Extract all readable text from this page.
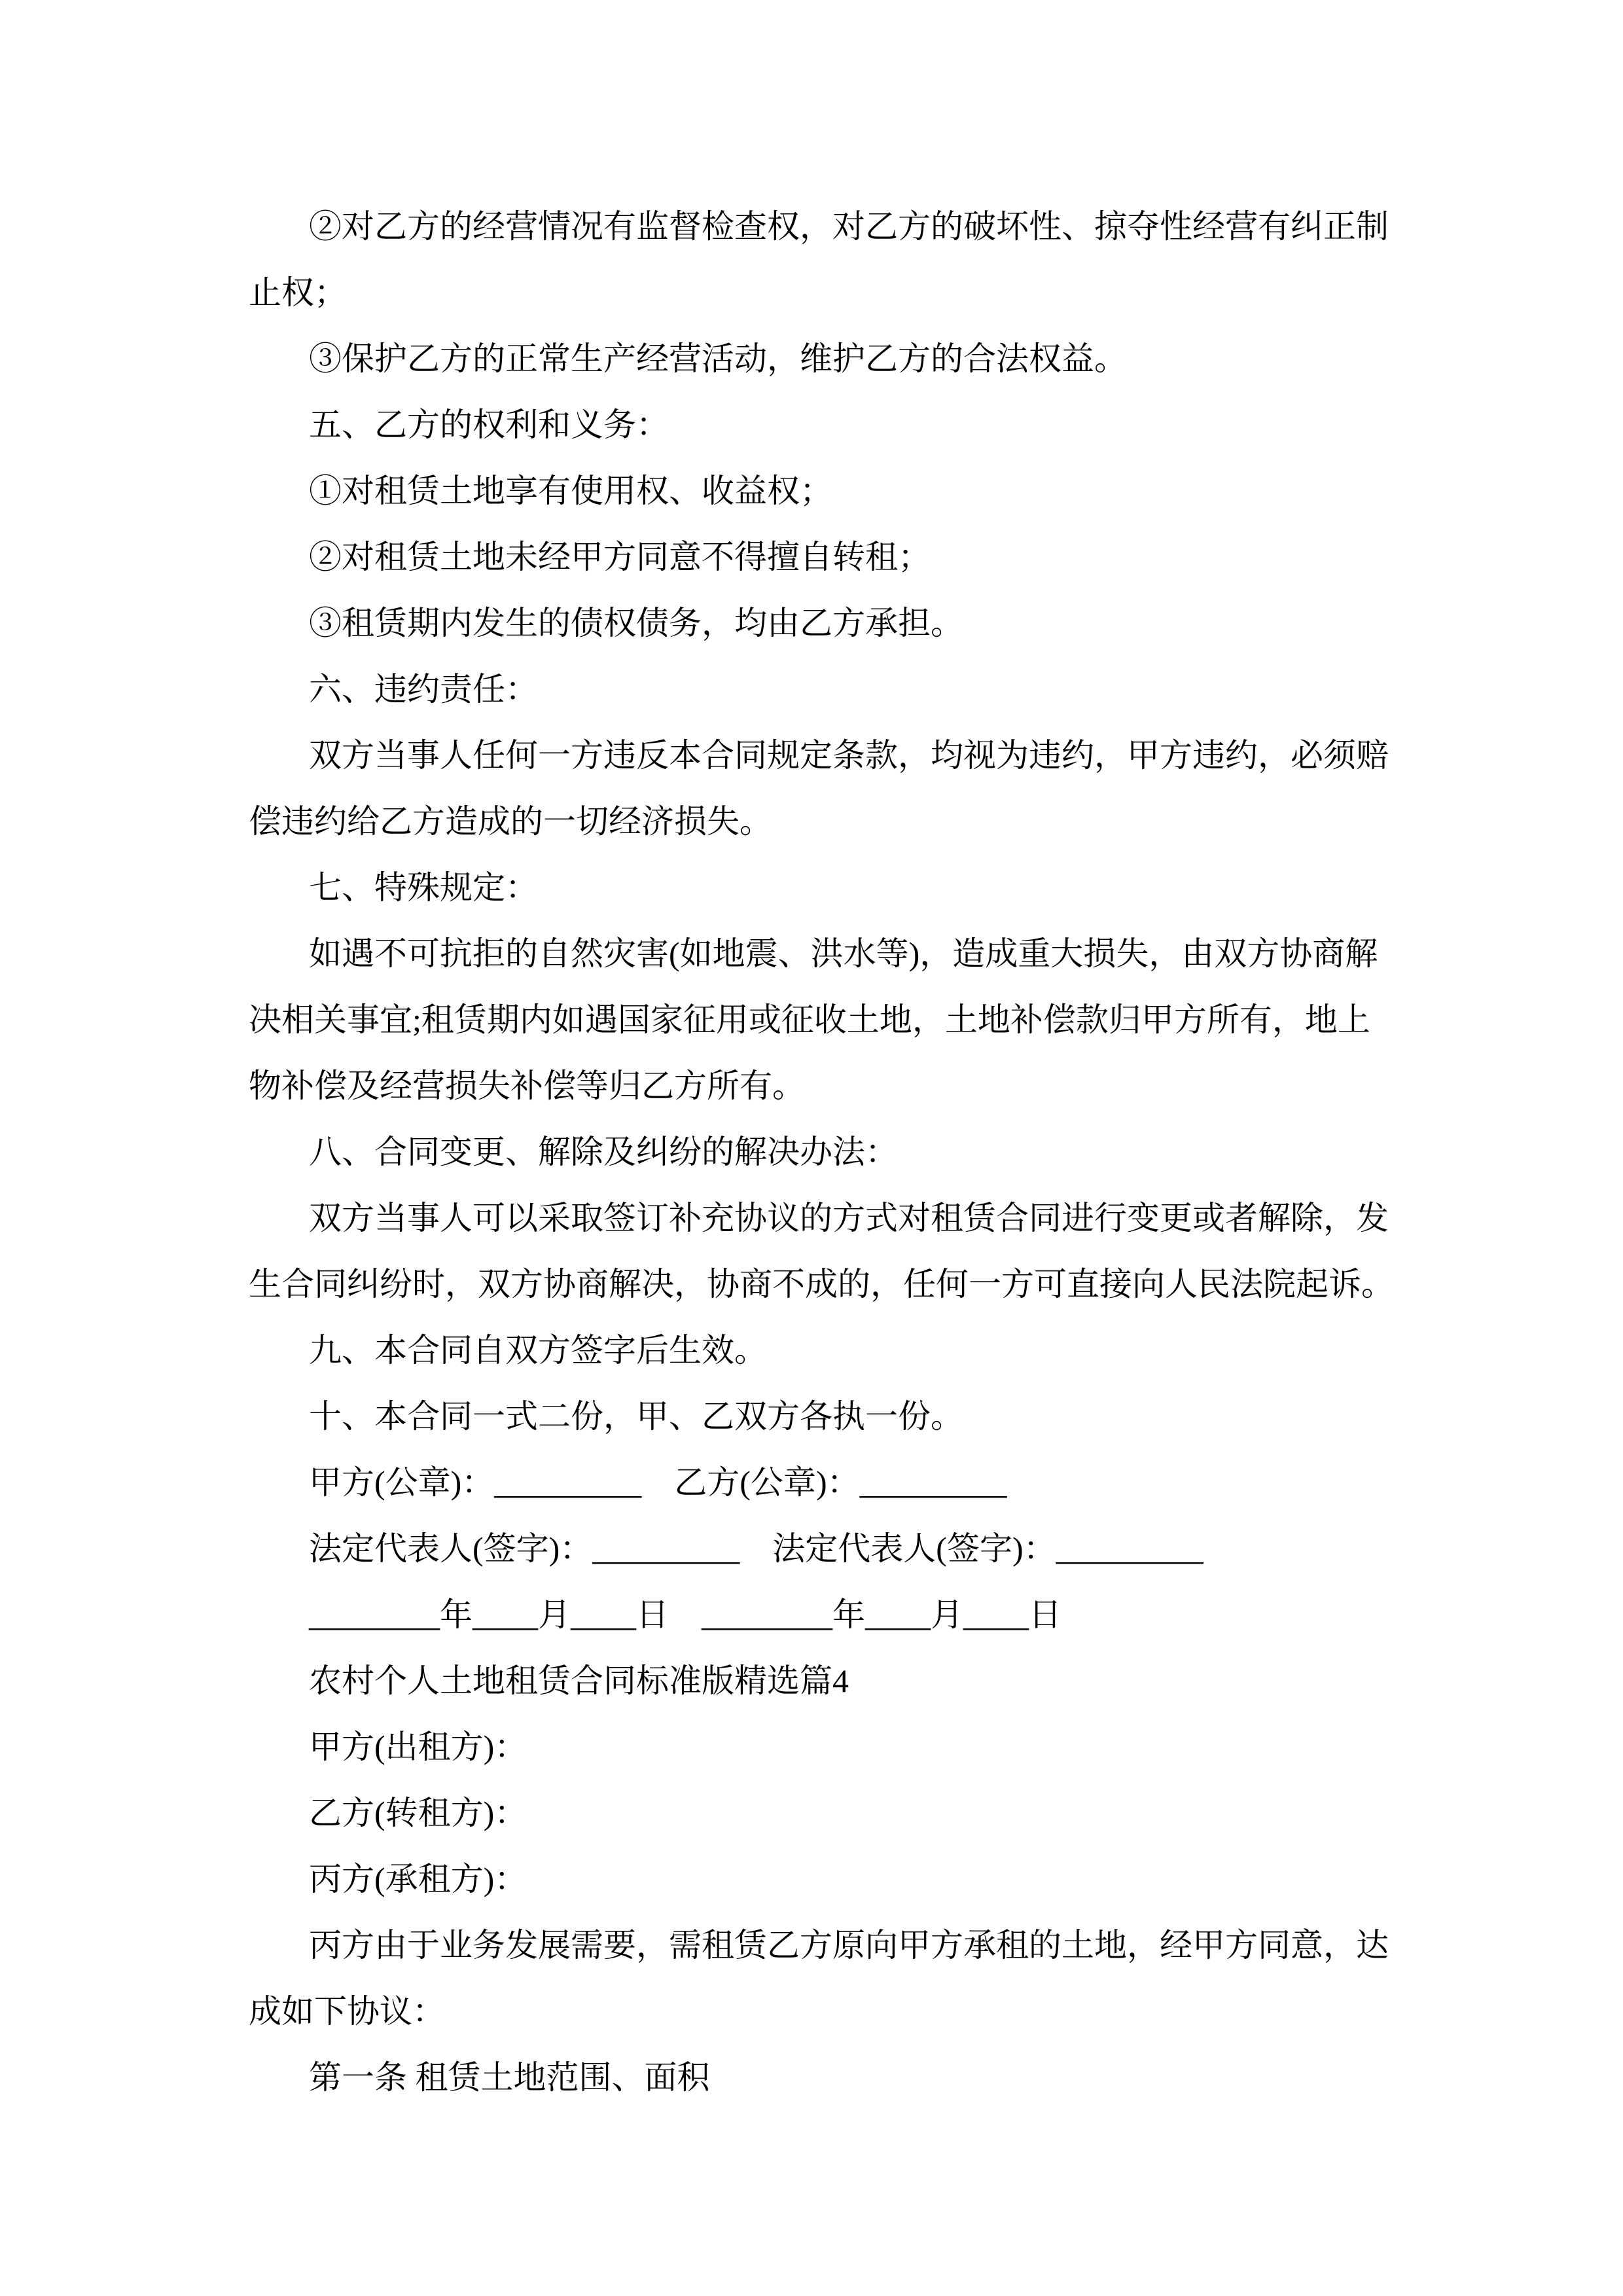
②对乙方的经营情况有监督检查权，对乙方的破坏性、掠夺性经营有纠正制

止权；

③保护乙方的正常生产经营活动，维护乙方的合法权益。

五、乙方的权利和义务：

①对租赁土地享有使用权、收益权；

②对租赁土地未经甲方同意不得擅自转租；

③租赁期内发生的债权债务，均由乙方承担。

六、违约责任：

双方当事人任何一方违反本合同规定条款，均视为违约，甲方违约，必须赔

偿违约给乙方造成的一切经济损失。

七、特殊规定：

如遇不可抗拒的自然灾害(如地震、洪水等)，造成重大损失，由双方协商解

决相关事宜;租赁期内如遇国家征用或征收土地，土地补偿款归甲方所有，地上

物补偿及经营损失补偿等归乙方所有。

八、合同变更、解除及纠纷的解决办法：

双方当事人可以采取签订补充协议的方式对租赁合同进行变更或者解除，发

生合同纠纷时，双方协商解决，协商不成的，任何一方可直接向人民法院起诉。

九、本合同自双方签字后生效。

十、本合同一式二份，甲、乙双方各执一份。

甲方(公章)：_________　乙方(公章)：_________

法定代表人(签字)：_________　法定代表人(签字)：_________

________年____月____日　________年____月____日

农村个人土地租赁合同标准版精选篇4

甲方(出租方)：

乙方(转租方)：

丙方(承租方)：

丙方由于业务发展需要，需租赁乙方原向甲方承租的土地，经甲方同意，达

成如下协议：

第一条 租赁土地范围、面积
